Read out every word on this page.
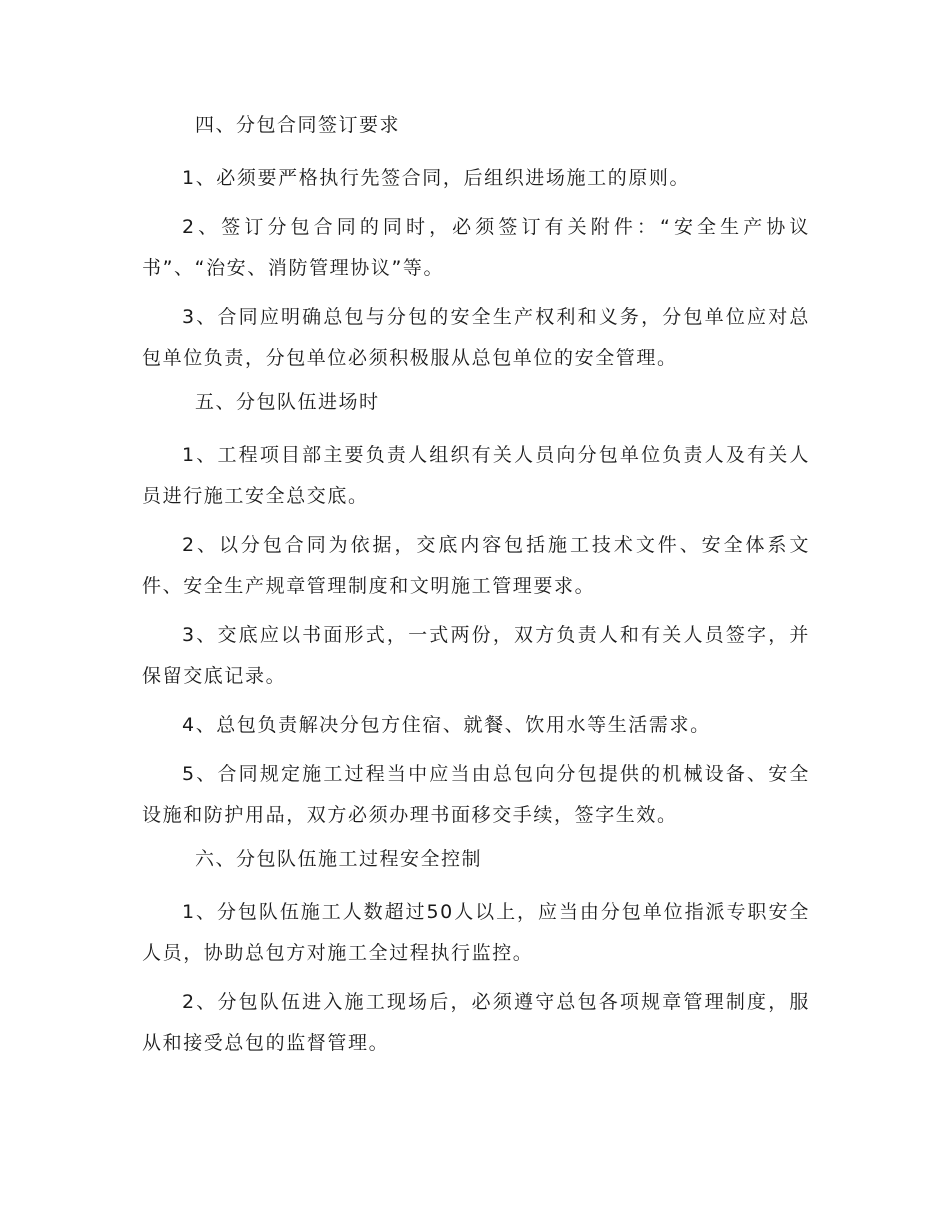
四、分包合同签订要求

1、必须要严格执行先签合同，后组织进场施工的原则。

2、签订分包合同的同时，必须签订有关附件：“安全生产协议书”、“治安、消防管理协议”等。

3、合同应明确总包与分包的安全生产权利和义务，分包单位应对总包单位负责，分包单位必须积极服从总包单位的安全管理。

五、分包队伍进场时

1、工程项目部主要负责人组织有关人员向分包单位负责人及有关人员进行施工安全总交底。

2、以分包合同为依据，交底内容包括施工技术文件、安全体系文件、安全生产规章管理制度和文明施工管理要求。

3、交底应以书面形式，一式两份，双方负责人和有关人员签字，并保留交底记录。

4、总包负责解决分包方住宿、就餐、饮用水等生活需求。

5、合同规定施工过程当中应当由总包向分包提供的机械设备、安全设施和防护用品，双方必须办理书面移交手续，签字生效。

六、分包队伍施工过程安全控制

1、分包队伍施工人数超过50人以上，应当由分包单位指派专职安全人员，协助总包方对施工全过程执行监控。

2、分包队伍进入施工现场后，必须遵守总包各项规章管理制度，服从和接受总包的监督管理。
